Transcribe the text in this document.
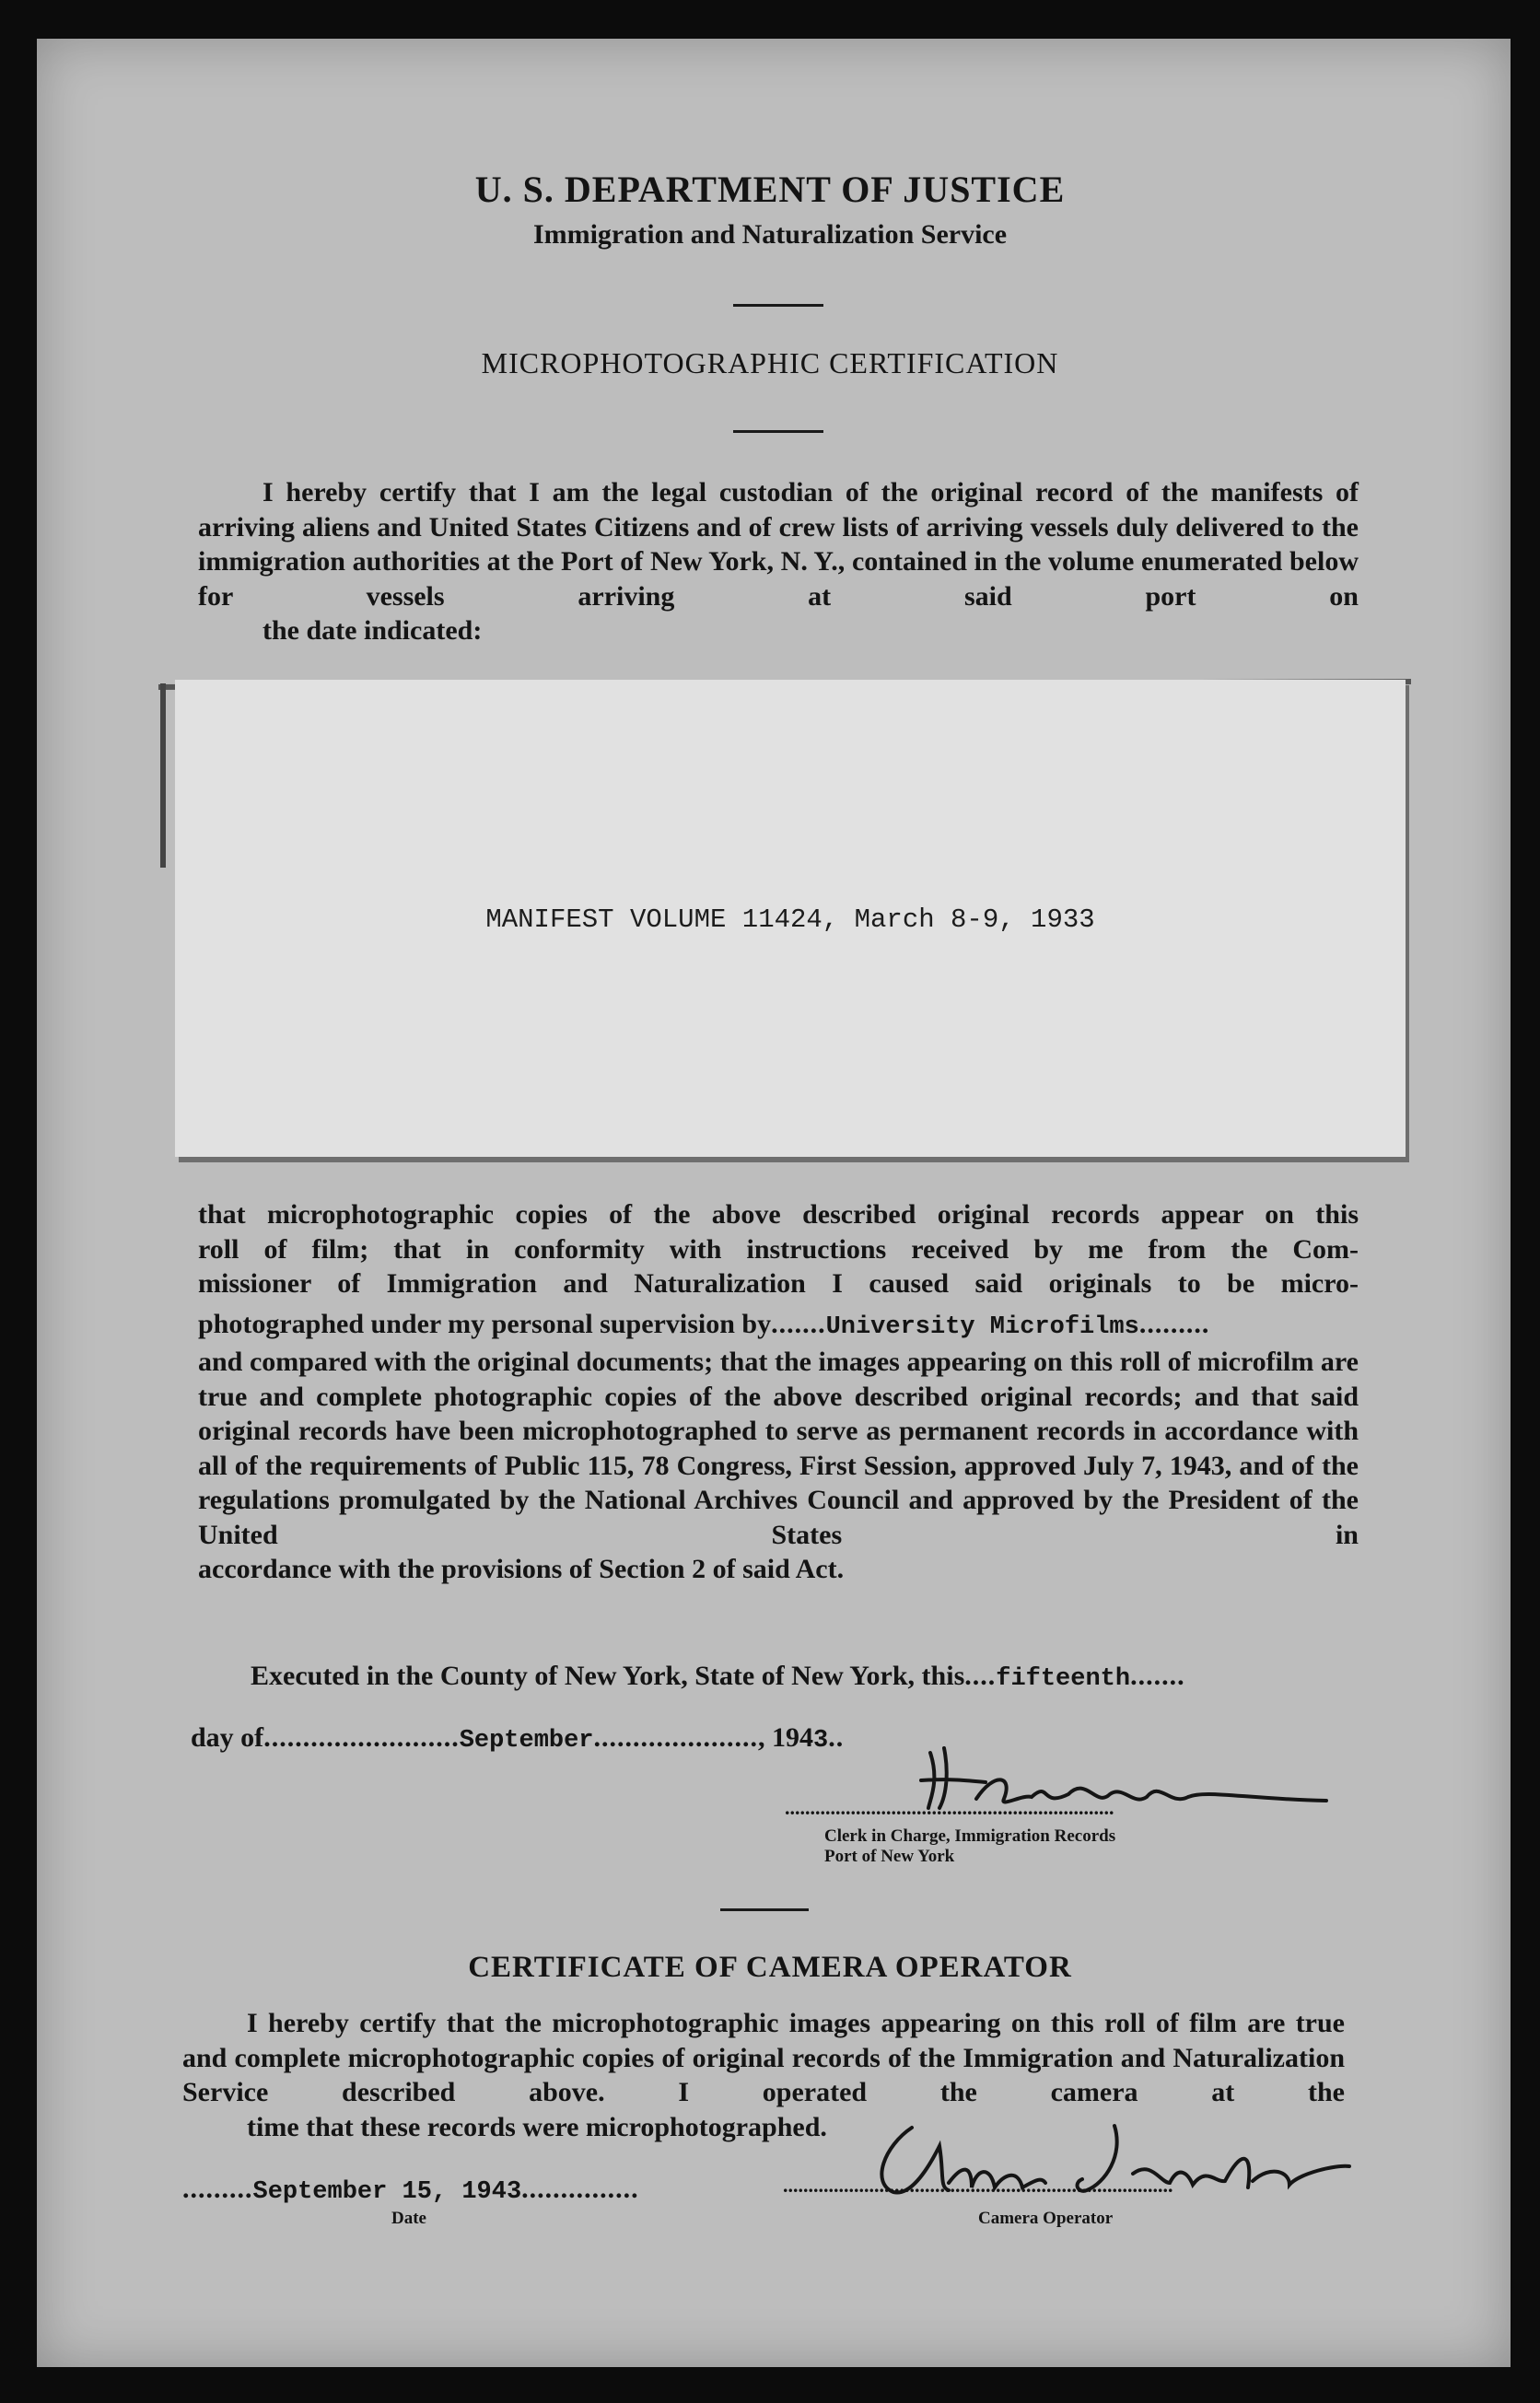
U. S. DEPARTMENT OF JUSTICE
Immigration and Naturalization Service
MICROPHOTOGRAPHIC CERTIFICATION
I hereby certify that I am the legal custodian of the original record of the manifests of arriving aliens and United States Citizens and of crew lists of arriving vessels duly delivered to the immigration authorities at the Port of New York, N. Y., contained in the volume enumerated below for vessels arriving at said port on
the date indicated:
MANIFEST VOLUME 11424, March 8-9, 1933
that microphotographic copies of the above described original records appear on this
roll of film; that in conformity with instructions received by me from the Com-
missioner of Immigration and Naturalization I caused said originals to be micro-
photographed under my personal supervision by.......University Microfilms.........
and compared with the original documents; that the images appearing on this roll of microfilm are true and complete photographic copies of the above described original records; and that said original records have been microphotographed to serve as permanent records in accordance with all of the requirements of Public 115, 78 Congress, First Session, approved July 7, 1943, and of the regulations promulgated by the National Archives Council and approved by the President of the United States in
accordance with the provisions of Section 2 of said Act.
Executed in the County of New York, State of New York, this....fifteenth.......
day of.........................September....................., 1943..
.................................................................
Clerk in Charge, Immigration Records
Port of New York
CERTIFICATE OF CAMERA OPERATOR
I hereby certify that the microphotographic images appearing on this roll of film are true and complete microphotographic copies of original records of the Immigration and Naturalization Service described above. I operated the camera at the
time that these records were microphotographed.
.........September 15, 1943...............
Date
.............................................................................
Camera Operator
